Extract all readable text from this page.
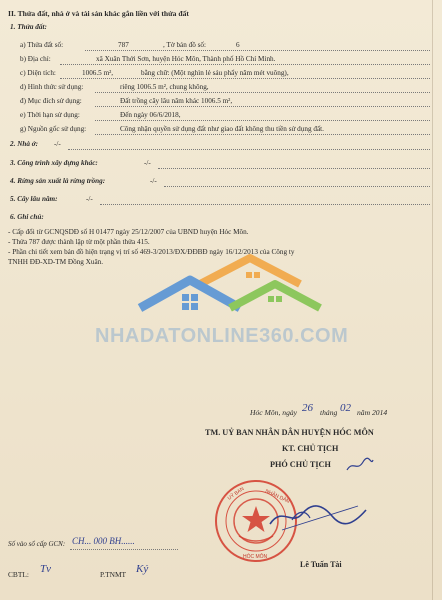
II. Thửa đất, nhà ở và tài sản khác gắn liền với thửa đất
1. Thửa đất:
a) Thửa đất số:	787	, Tờ bản đồ số:	6
b) Địa chỉ:	xã Xuân Thới Sơn, huyện Hóc Môn, Thành phố Hồ Chí Minh.
c) Diện tích:	1006.5 m²,	bằng chữ: (Một nghìn lẻ sáu phẩy năm mét vuông),
d) Hình thức sử dụng:	riêng 1006.5 m², chung không,
đ) Mục đích sử dụng:	Đất trồng cây lâu năm khác 1006.5 m²,
e) Thời hạn sử dụng:	Đến ngày 06/6/2018,
g) Nguồn gốc sử dụng:	Công nhận quyền sử dụng đất như giao đất không thu tiền sử dụng đất.
2. Nhà ở: -/-
3. Công trình xây dựng khác:	-/-
4. Rừng sản xuất là rừng trồng:	-/-
5. Cây lâu năm:	-/-
6. Ghi chú:
- Cấp đổi từ GCNQSDĐ số H 01477 ngày 25/12/2007 của UBND huyện Hóc Môn.
- Thửa 787 được thành lập từ một phần thửa 415.
- Phần chi tiết xem bản đồ hiện trạng vị trí số 469-3/2013/ĐX/ĐĐBĐ ngày 16/12/2013 của Công ty
TNHH ĐĐ-XD-TM Đồng Xuân.
NHADATONLINE360.COM
Hóc Môn, ngày 26 tháng 02 năm 2014
TM. UỶ BAN NHÂN DÂN HUYỆN HÓC MÔN
KT. CHỦ TỊCH
PHÓ CHỦ TỊCH
UỶ BAN	NHÂN DÂN
HÓC MÔN
Lê Tuấn Tài
Số vào sổ cấp GCN: CH... 000 BH......
CBTL: Tv	P.TNMT Ký
